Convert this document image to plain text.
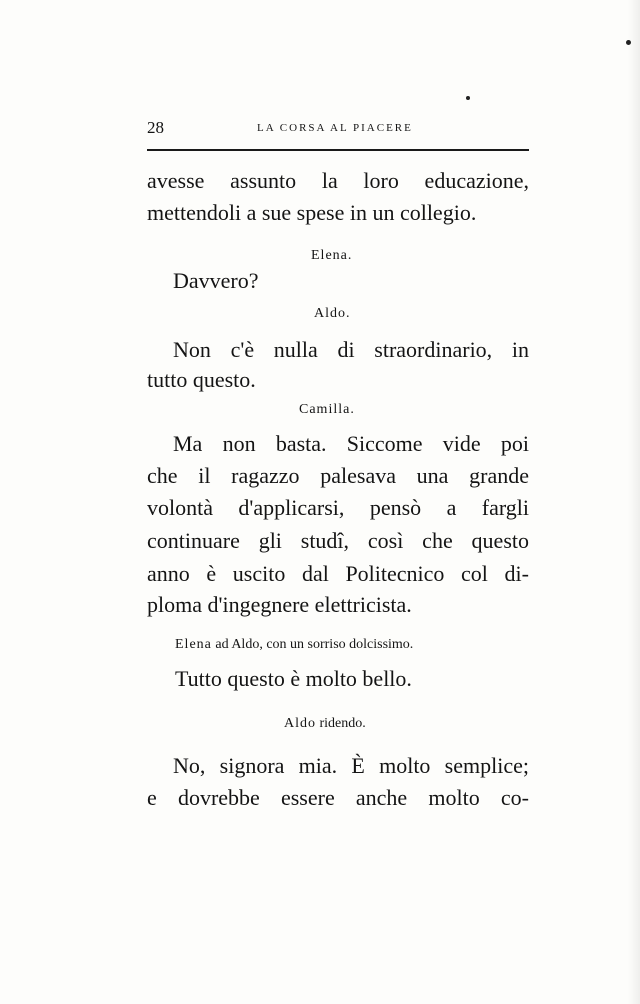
28	LA CORSA AL PIACERE
avesse assunto la loro educazione,
mettendoli a sue spese in un collegio.
Elena.
Davvero?
Aldo.
Non c'è nulla di straordinario, in
tutto questo.
Camilla.
Ma non basta. Siccome vide poi
che il ragazzo palesava una grande
volontà d'applicarsi, pensò a fargli
continuare gli studî, così che questo
anno è uscito dal Politecnico col di-
ploma d'ingegnere elettricista.
Elena ad Aldo, con un sorriso dolcissimo.
Tutto questo è molto bello.
Aldo ridendo.
No, signora mia. È molto semplice;
e dovrebbe essere anche molto co-
